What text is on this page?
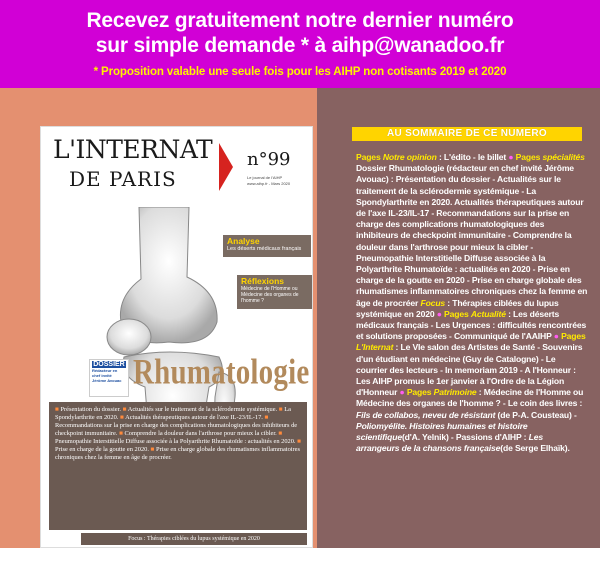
Recevez gratuitement notre dernier numéro
sur simple demande * à aihp@wanadoo.fr
* Proposition valable une seule fois pour les AIHP non cotisants 2019 et 2020
L'INTERNAT
DE PARIS
n°99
Le journal de l'AIHP
www.aihp.fr - Mars 2020
Analyse
Les déserts médicaux français
Réflexions
Médecine de l'Homme ou Médecine des organes de l'homme ?
DOSSIER
Rédacteur en chef invité Jérôme Avouac Rhumatologie
■ Présentation du dossier. ■ Actualités sur le traitement de la sclérodermie systémique. ■ La Spondylarthrite en 2020. ■ Actualités thérapeutiques autour de l'axe IL-23/IL-17. ■ Recommandations sur la prise en charge des complications rhumatologiques des inhibiteurs de checkpoint immunitaire. ■ Comprendre la douleur dans l'arthrose pour mieux la cibler. ■ Pneumopathie Interstitielle Diffuse associée à la Polyarthrite Rhumatoïde : actualités en 2020. ■ Prise en charge de la goutte en 2020. ■ Prise en charge globale des rhumatismes inflammatoires chroniques chez la femme en âge de procréer.
Focus : Thérapies ciblées du lupus systémique en 2020
AU SOMMAIRE DE CE NUMERO
Pages Notre opinion : L'édito - le billet ● Pages spécialités Dossier Rhumatologie (rédacteur en chef invité Jérôme Avouac) : Présentation du dossier - Actualités sur le traitement de la sclérodermie systémique - La Spondylarthrite en 2020. Actualités thérapeutiques autour de l'axe IL-23/IL-17 - Recommandations sur la prise en charge des complications rhumatologiques des inhibiteurs de checkpoint immunitaire - Comprendre la douleur dans l'arthrose pour mieux la cibler - Pneumopathie Interstitielle Diffuse associée à la Polyarthrite Rhumatoïde : actualités en 2020 - Prise en charge de la goutte en 2020 - Prise en charge globale des rhumatismes inflammatoires chroniques chez la femme en âge de procréer Focus : Thérapies ciblées du lupus systémique en 2020 ● Pages Actualité : Les déserts médicaux français - Les Urgences : difficultés rencontrées et solutions proposées - Communiqué de l'AAIHP ● Pages L'Internat : Le VIe salon des Artistes de Santé - Souvenirs d'un étudiant en médecine (Guy de Catalogne) - Le courrier des lecteurs - In memoriam 2019 - A l'Honneur : Les AIHP promus le 1er janvier à l'Ordre de la Légion d'Honneur ● Pages Patrimoine : Médecine de l'Homme ou Médecine des organes de l'homme ? - Le coin des livres : Fils de collabos, neveu de résistant (de P-A. Cousteau) - Poliomyélite. Histoires humaines et histoire scientifique(d'A. Yelnik) - Passions d'AIHP : Les arrangeurs de la chansons française(de Serge Elhaïk).
